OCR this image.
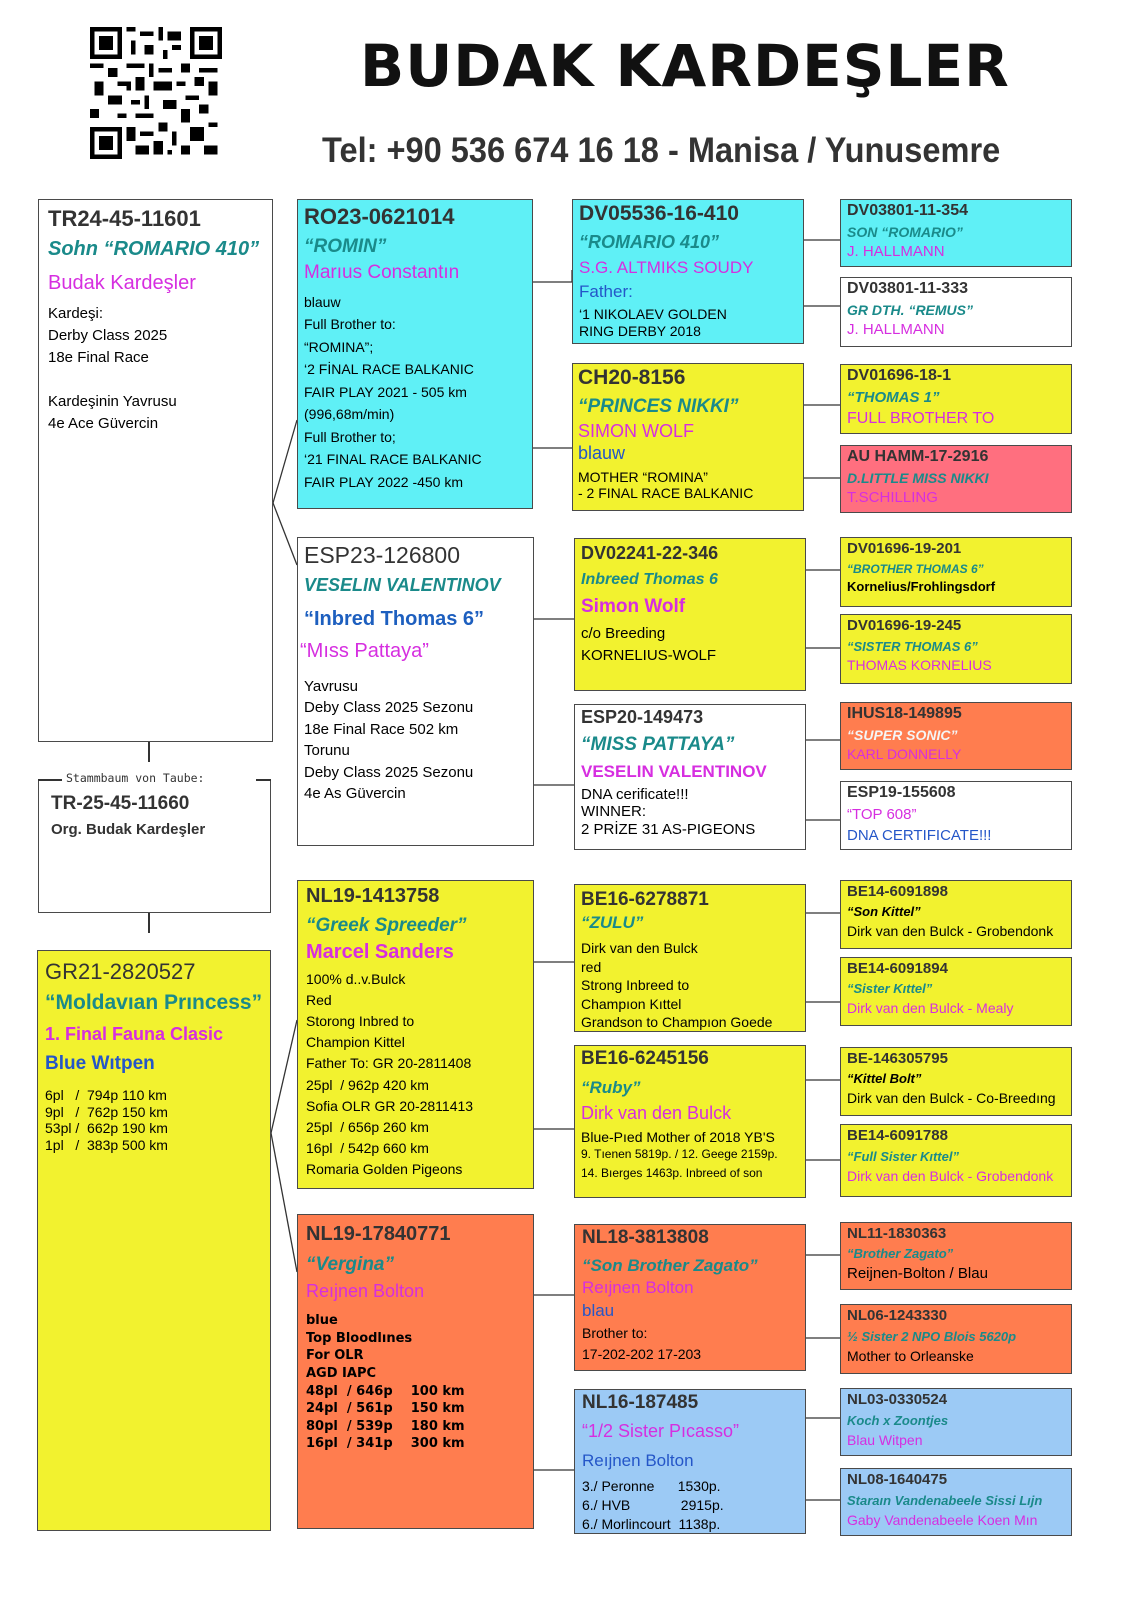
BUDAK KARDEŞLER
Tel: +90 536 674 16 18 - Manisa / Yunusemre
TR24-45-11601
Sohn “ROMARIO 410”
Budak Kardeşler
Kardeşi:
Derby Class 2025
18e Final Race
Kardeşinin Yavrusu
4e Ace Güvercin
TR-25-45-11660
Org. Budak Kardeşler
Stammbaum von Taube:
GR21-2820527
“Moldavıan Prıncess”
1. Final Fauna Clasic
Blue Wıtpen
6pl   /  794p 110 km
9pl   /  762p 150 km
53pl /  662p 190 km
1pl   /  383p 500 km
RO23-0621014
“ROMIN”
Marıus Constantın
blauw
Full Brother to:
“ROMINA”;
‘2 FİNAL RACE BALKANIC
FAIR PLAY 2021 - 505 km
(996,68m/min)
Full Brother to;
‘21 FINAL RACE BALKANIC
FAIR PLAY 2022 -450 km
ESP23-126800
VESELIN VALENTINOV
“Inbred Thomas 6”
“Mıss Pattaya”
Yavrusu
Deby Class 2025 Sezonu
18e Final Race 502 km
Torunu
Deby Class 2025 Sezonu
4e As Güvercin
NL19-1413758
“Greek Spreeder”
Marcel Sanders
100% d..v.Bulck
Red
Storong Inbred to
Champion Kittel
Father To: GR 20-2811408
25pl  / 962p 420 km
Sofia OLR GR 20-2811413
25pl  / 656p 260 km
16pl  / 542p 660 km
Romaria Golden Pigeons
NL19-17840771
“Vergina”
Reıjnen Bolton
blue
Top Bloodlınes
For OLR
AGD IAPC
48pl  / 646p    100 km
24pl  / 561p    150 km
80pl  / 539p    180 km
16pl  / 341p    300 km
DV05536-16-410
“ROMARIO 410”
S.G. ALTMIKS SOUDY
Father:
‘1 NIKOLAEV GOLDEN
RING DERBY 2018
CH20-8156
“PRINCES NIKKI”
SIMON WOLF
blauw
MOTHER “ROMINA”
- 2 FINAL RACE BALKANIC
DV02241-22-346
Inbreed Thomas 6
Simon Wolf
c/o Breeding
KORNELIUS-WOLF
ESP20-149473
“MISS PATTAYA”
VESELIN VALENTINOV
DNA cerificate!!!
WINNER:
2 PRİZE 31 AS-PIGEONS
BE16-6278871
“ZULU”
Dirk van den Bulck
red
Strong Inbreed to
Champıon Kıttel
Grandson to Champıon Goede
BE16-6245156
“Ruby”
Dirk van den Bulck
Blue-Pıed Mother of 2018 YB'S
9. Tıenen 5819p. / 12. Geege 2159p.
14. Bıerges 1463p. Inbreed of son
NL18-3813808
“Son Brother Zagato”
Reıjnen Bolton
blau
Brother to:
17-202-202 17-203
NL16-187485
“1/2 Sister Pıcasso”
Reıjnen Bolton
3./ Peronne      1530p.
6./ HVB             2915p.
6./ Morlincourt  1138p.
DV03801-11-354
SON “ROMARIO”
J. HALLMANN
DV03801-11-333
GR DTH. “REMUS”
J. HALLMANN
DV01696-18-1
“THOMAS 1”
FULL BROTHER TO
AU HAMM-17-2916
D.LITTLE MISS NIKKI
T.SCHILLING
DV01696-19-201
“BROTHER THOMAS 6”
Kornelius/Frohlingsdorf
DV01696-19-245
“SISTER THOMAS 6”
THOMAS KORNELIUS
IHUS18-149895
“SUPER SONIC”
KARL DONNELLY
ESP19-155608
“TOP 608”
DNA CERTIFICATE!!!
BE14-6091898
“Son Kittel”
Dirk van den Bulck - Grobendonk
BE14-6091894
“Sister Kıttel”
Dirk van den Bulck - Mealy
BE-146305795
“Kittel Bolt”
Dirk van den Bulck - Co-Breedıng
BE14-6091788
“Full Sister Kıttel”
Dirk van den Bulck - Grobendonk
NL11-1830363
“Brother Zagato”
Reijnen-Bolton / Blau
NL06-1243330
½ Sister 2 NPO Blois 5620p
Mother to Orleanske
NL03-0330524
Koch x Zoontjes
Blau Witpen
NL08-1640475
Staraın Vandenabeele Sissi Lıjn
Gaby Vandenabeele Koen Mın
